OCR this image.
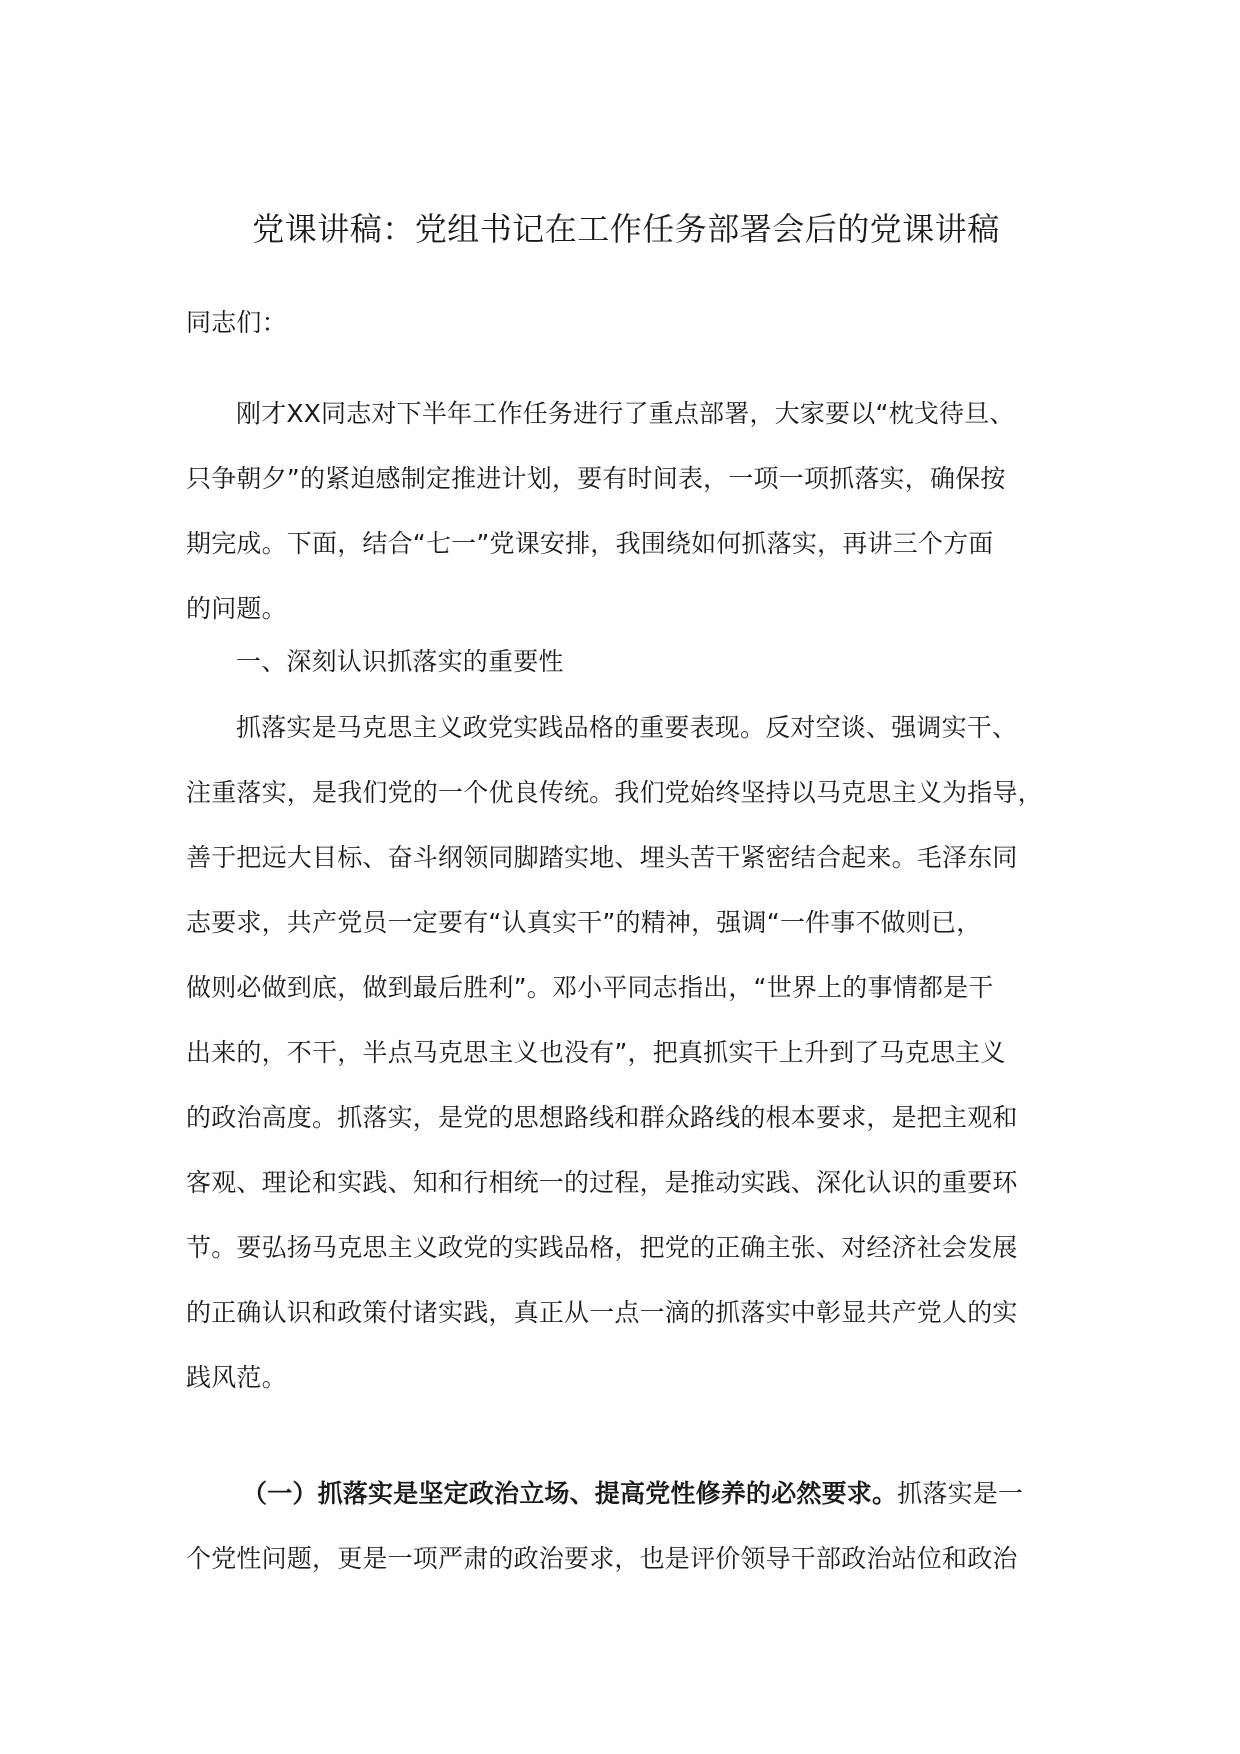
党课讲稿：党组书记在工作任务部署会后的党课讲稿

同志们：

刚才XX同志对下半年工作任务进行了重点部署，大家要以“枕戈待旦、
只争朝夕”的紧迫感制定推进计划，要有时间表，一项一项抓落实，确保按
期完成。下面，结合“七一”党课安排，我围绕如何抓落实，再讲三个方面
的问题。

一、深刻认识抓落实的重要性

抓落实是马克思主义政党实践品格的重要表现。反对空谈、强调实干、
注重落实，是我们党的一个优良传统。我们党始终坚持以马克思主义为指导，
善于把远大目标、奋斗纲领同脚踏实地、埋头苦干紧密结合起来。毛泽东同
志要求，共产党员一定要有“认真实干”的精神，强调“一件事不做则已，
做则必做到底，做到最后胜利”。邓小平同志指出，“世界上的事情都是干
出来的，不干，半点马克思主义也没有”，把真抓实干上升到了马克思主义
的政治高度。抓落实，是党的思想路线和群众路线的根本要求，是把主观和
客观、理论和实践、知和行相统一的过程，是推动实践、深化认识的重要环
节。要弘扬马克思主义政党的实践品格，把党的正确主张、对经济社会发展
的正确认识和政策付诸实践，真正从一点一滴的抓落实中彰显共产党人的实
践风范。

（一）抓落实是坚定政治立场、提高党性修养的必然要求。抓落实是一
个党性问题，更是一项严肃的政治要求，也是评价领导干部政治站位和政治
